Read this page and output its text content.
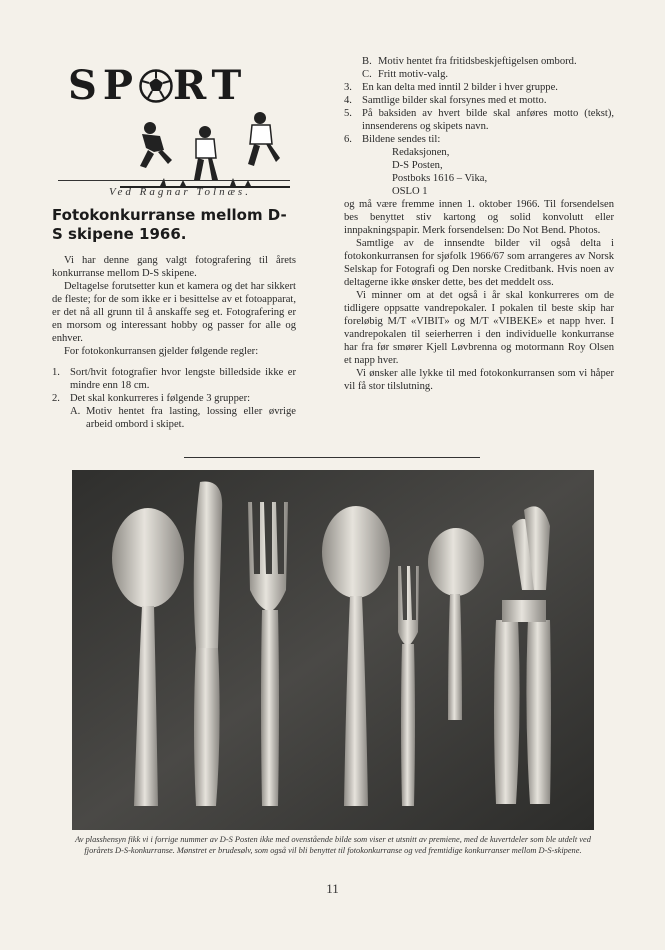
SP RT
Ved Ragnar Tolnæs.
Fotokonkurranse mellom D-S skipene 1966.

Vi har denne gang valgt fotografering til årets konkurranse mellom D-S skipene.

Deltagelse forutsetter kun et kamera og det har sikkert de fleste; for de som ikke er i besittelse av et fotoapparat, er det nå all grunn til å anskaffe seg et. Fotografering er en morsom og interessant hobby og passer for alle og enhver.

For fotokonkurransen gjelder følgende regler:

1. Sort/hvit fotografier hvor lengste billedside ikke er mindre enn 18 cm.
2. Det skal konkurreres i følgende 3 grupper:
A. Motiv hentet fra lasting, lossing eller øvrige arbeid ombord i skipet.
B. Motiv hentet fra fritidsbeskjeftigelsen ombord.
C. Fritt motiv-valg.
3. En kan delta med inntil 2 bilder i hver gruppe.
4. Samtlige bilder skal forsynes med et motto.
5. På baksiden av hvert bilde skal anføres motto (tekst), innsenderens og skipets navn.
6. Bildene sendes til:
Redaksjonen,
D-S Posten,
Postboks 1616 – Vika,
OSLO 1

og må være fremme innen 1. oktober 1966. Til forsendelsen bes benyttet stiv kartong og solid konvolutt eller innpakningspapir. Merk forsendelsen: Do Not Bend. Photos.

Samtlige av de innsendte bilder vil også delta i fotokonkurransen for sjøfolk 1966/67 som arrangeres av Norsk Selskap for Fotografi og Den norske Creditbank. Hvis noen av deltagerne ikke ønsker dette, bes det meddelt oss.

Vi minner om at det også i år skal konkurreres om de tidligere oppsatte vandrepokaler. I pokalen til beste skip har foreløbig M/T «VIBIT» og M/T «VIBEKE» et napp hver. I vandrepokalen til seierherren i den individuelle konkurranse har fra før smører Kjell Løvbrenna og motormann Roy Olsen et napp hver.

Vi ønsker alle lykke til med fotokonkurransen som vi håper vil få stor tilslutning.

Av plasshensyn fikk vi i forrige nummer av D-S Posten ikke med ovenstående bilde som viser et utsnitt av premiene, med de kuvertdeler som ble utdelt ved fjorårets D-S-konkurranse. Mønstret er brudesølv, som også vil bli benyttet til fotokonkurranse og ved fremtidige konkurranser mellom D-S-skipene.
11
